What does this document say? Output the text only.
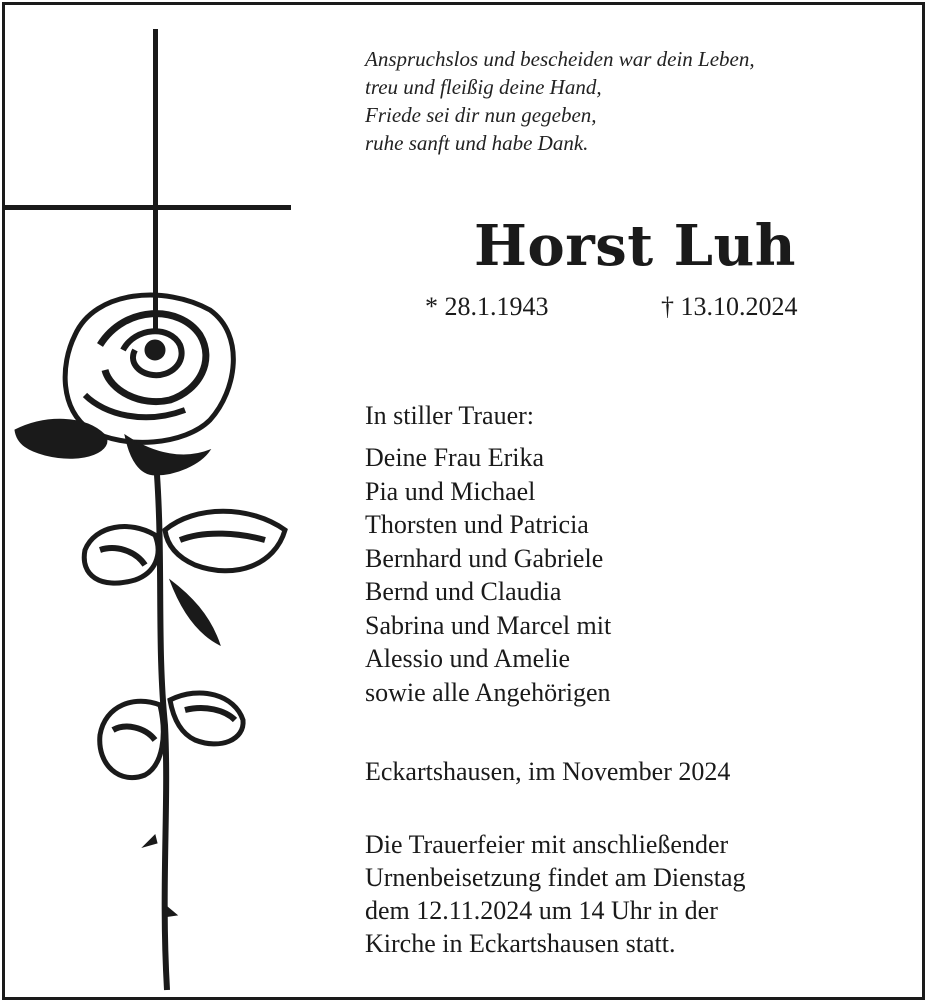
Anspruchslos und bescheiden war dein Leben,
treu und fleißig deine Hand,
Friede sei dir nun gegeben,
ruhe sanft und habe Dank.
Horst Luh
* 28.1.1943	† 13.10.2024
In stiller Trauer:
Deine Frau Erika
Pia und Michael
Thorsten und Patricia
Bernhard und Gabriele
Bernd und Claudia
Sabrina und Marcel mit
Alessio und Amelie
sowie alle Angehörigen
Eckartshausen, im November 2024
Die Trauerfeier mit anschließender
Urnenbeisetzung findet am Dienstag
dem 12.11.2024 um 14 Uhr in der
Kirche in Eckartshausen statt.
